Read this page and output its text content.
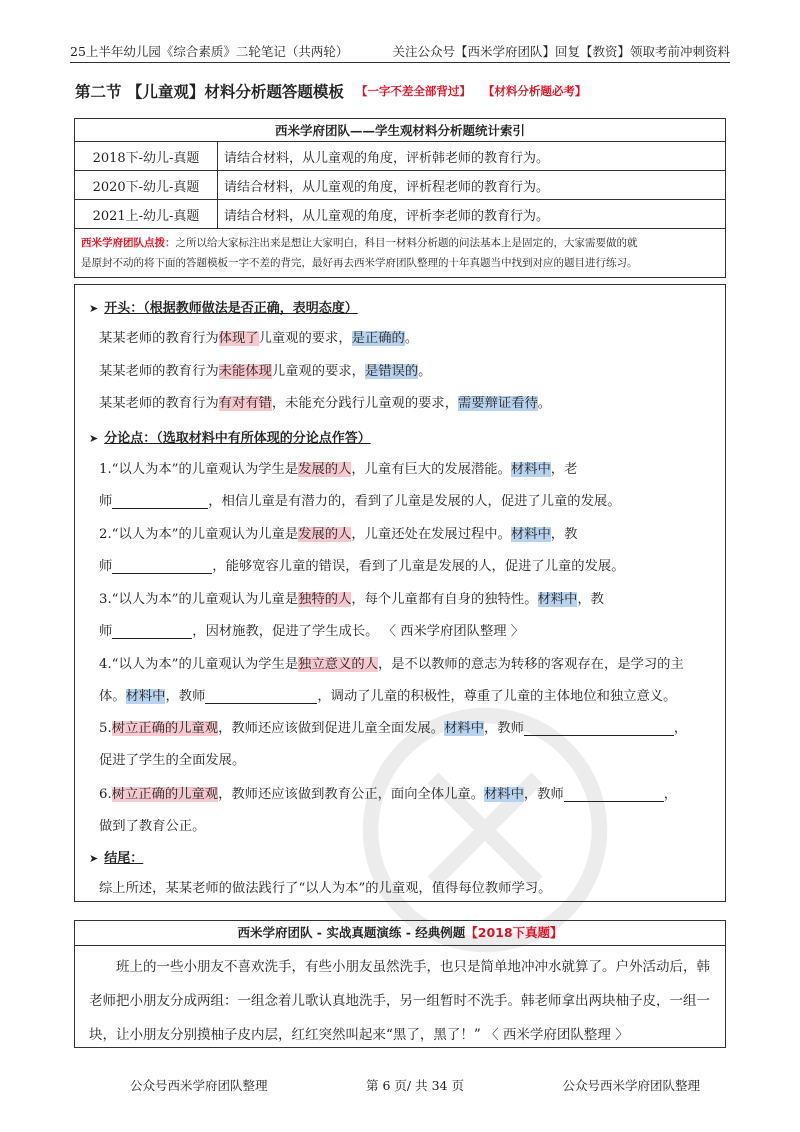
25上半年幼儿园《综合素质》二轮笔记（共两轮）	关注公众号【西米学府团队】回复【教资】领取考前冲刺资料
第二节 【儿童观】材料分析题答题模板 【一字不差全部背过】 【材料分析题必考】
西米学府团队——学生观材料分析题统计索引	
2018下-幼儿-真题	请结合材料，从儿童观的角度，评析韩老师的教育行为。
2020下-幼儿-真题	请结合材料，从儿童观的角度，评析程老师的教育行为。
2021上-幼儿-真题	请结合材料，从儿童观的角度，评析李老师的教育行为。
西米学府团队点拨：之所以给大家标注出来是想让大家明白，科目一材料分析题的问法基本上是固定的，大家需要做的就
是原封不动的将下面的答题模板一字不差的背完，最好再去西米学府团队整理的十年真题当中找到对应的题目进行练习。	
➤ 开头：（根据教师做法是否正确，表明态度）
某某老师的教育行为体现了儿童观的要求，是正确的。
某某老师的教育行为未能体现儿童观的要求，是错误的。
某某老师的教育行为有对有错，未能充分践行儿童观的要求，需要辩证看待。
➤ 分论点：（选取材料中有所体现的分论点作答）
1.“以人为本”的儿童观认为学生是发展的人，儿童有巨大的发展潜能。材料中，老
师	，相信儿童是有潜力的，看到了儿童是发展的人，促进了儿童的发展。
2.“以人为本”的儿童观认为儿童是发展的人，儿童还处在发展过程中。材料中，教
师	，能够宽容儿童的错误，看到了儿童是发展的人，促进了儿童的发展。
3.“以人为本”的儿童观认为儿童是独特的人，每个儿童都有自身的独特性。材料中，教
师	，因材施教，促进了学生成长。 〈 西米学府团队整理 〉
4.“以人为本”的儿童观认为学生是独立意义的人，是不以教师的意志为转移的客观存在，是学习的主
体。材料中，教师	，调动了儿童的积极性，尊重了儿童的主体地位和独立意义。
5.树立正确的儿童观，教师还应该做到促进儿童全面发展。材料中，教师	，
促进了学生的全面发展。
6.树立正确的儿童观，教师还应该做到教育公正，面向全体儿童。材料中，教师	，
做到了教育公正。
➤ 结尾：
综上所述，某某老师的做法践行了“以人为本”的儿童观，值得每位教师学习。
西米学府团队 - 实战真题演练 - 经典例题【2018下真题】
班上的一些小朋友不喜欢洗手，有些小朋友虽然洗手，也只是简单地冲冲水就算了。户外活动后，韩老师把小朋友分成两组：一组念着儿歌认真地洗手，另一组暂时不洗手。韩老师拿出两块柚子皮，一组一块，让小朋友分别摸柚子皮内层，红红突然叫起来“黑了，黑了！” 〈 西米学府团队整理 〉
公众号西米学府团队整理	第 6 页/ 共 34 页	公众号西米学府团队整理
